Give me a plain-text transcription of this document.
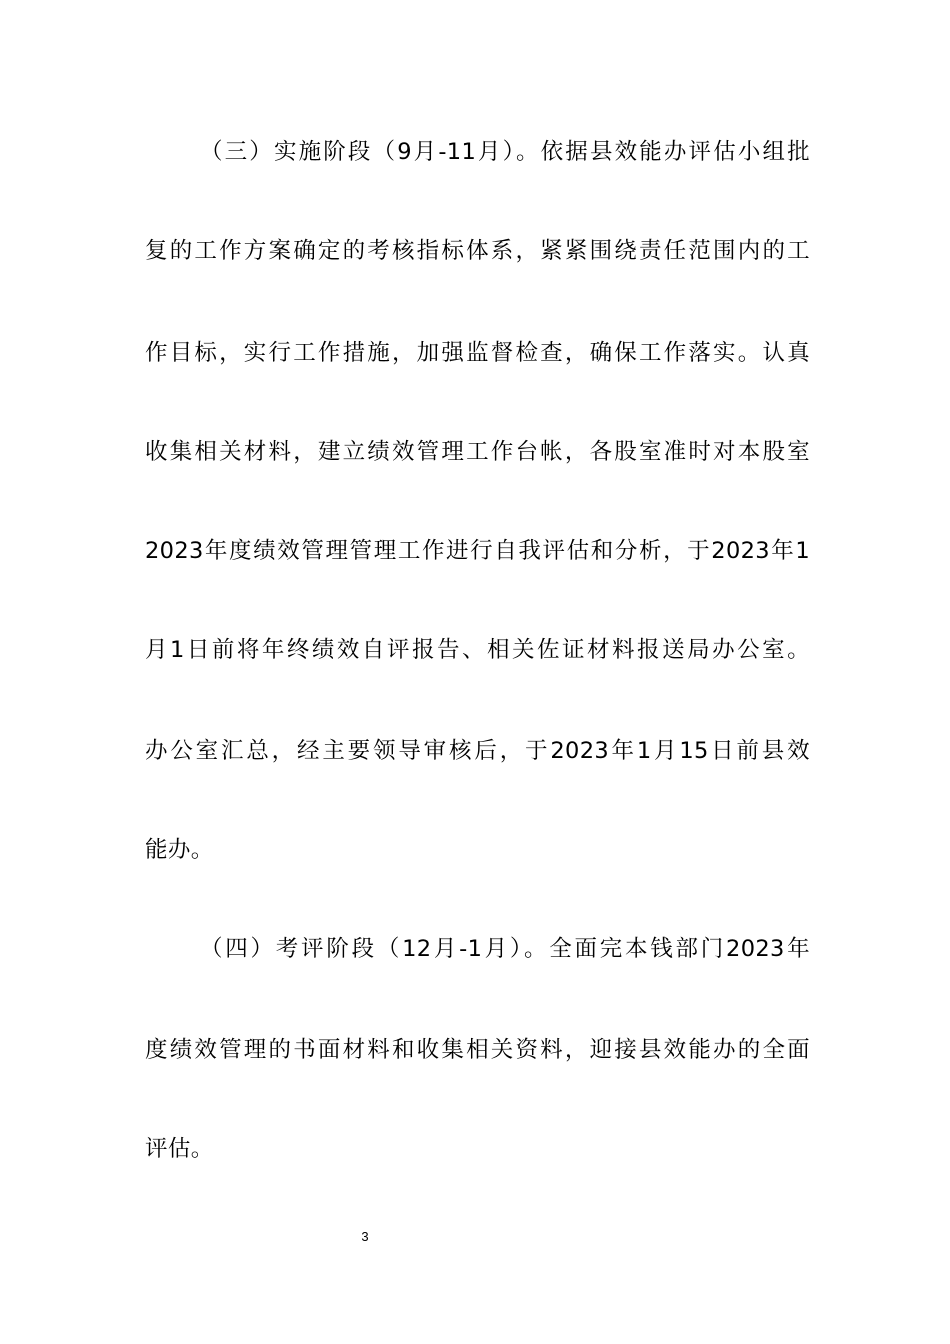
（三）实施阶段（9月-11月）。依据县效能办评估小组批
复的工作方案确定的考核指标体系，紧紧围绕责任范围内的工
作目标，实行工作措施，加强监督检查，确保工作落实。认真
收集相关材料，建立绩效管理工作台帐，各股室准时对本股室
2023年度绩效管理管理工作进行自我评估和分析，于2023年1
月1日前将年终绩效自评报告、相关佐证材料报送局办公室。
办公室汇总，经主要领导审核后，于2023年1月15日前县效
能办。
（四）考评阶段（12月-1月）。全面完本钱部门2023年
度绩效管理的书面材料和收集相关资料，迎接县效能办的全面
评估。
3
